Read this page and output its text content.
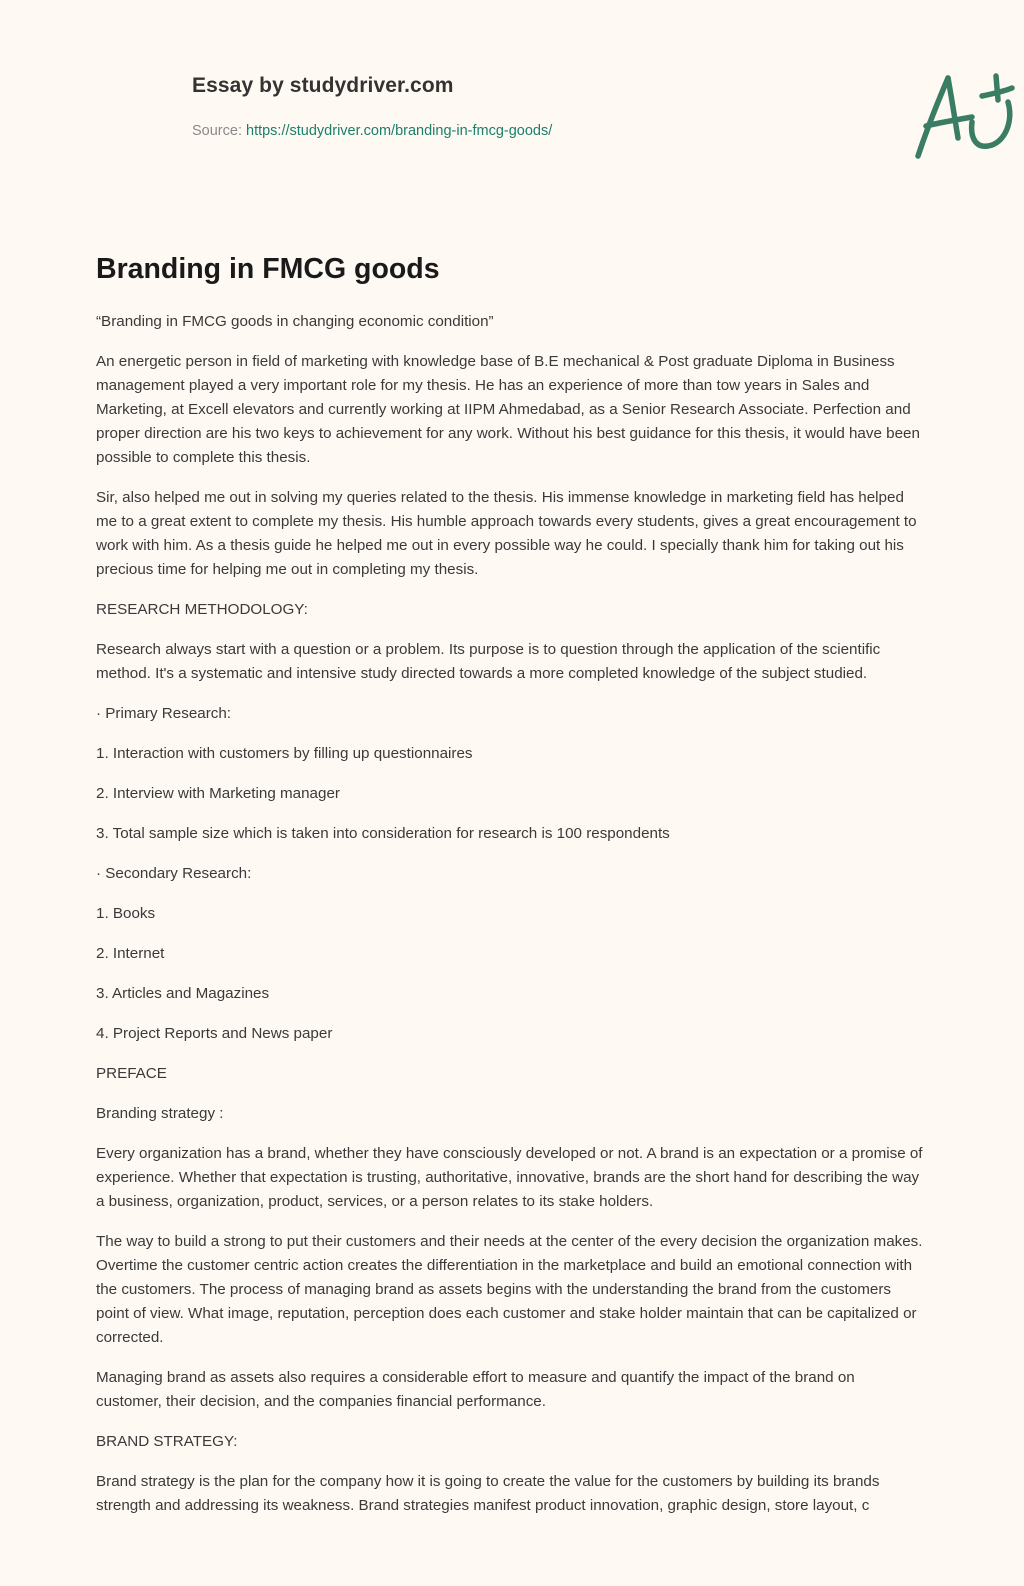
Essay by studydriver.com

Source: https://studydriver.com/branding-in-fmcg-goods/

Branding in FMCG goods

“Branding in FMCG goods in changing economic condition”

An energetic person in field of marketing with knowledge base of B.E mechanical & Post graduate Diploma in Business management played a very important role for my thesis. He has an experience of more than tow years in Sales and Marketing, at Excell elevators and currently working at IIPM Ahmedabad, as a Senior Research Associate. Perfection and proper direction are his two keys to achievement for any work. Without his best guidance for this thesis, it would have been possible to complete this thesis.

Sir, also helped me out in solving my queries related to the thesis. His immense knowledge in marketing field has helped me to a great extent to complete my thesis. His humble approach towards every students, gives a great encouragement to work with him. As a thesis guide he helped me out in every possible way he could. I specially thank him for taking out his precious time for helping me out in completing my thesis.

RESEARCH METHODOLOGY:

Research always start with a question or a problem. Its purpose is to question through the application of the scientific method. It's a systematic and intensive study directed towards a more completed knowledge of the subject studied.

· Primary Research:

1. Interaction with customers by filling up questionnaires

2. Interview with Marketing manager

3. Total sample size which is taken into consideration for research is 100 respondents

· Secondary Research:

1. Books

2. Internet

3. Articles and Magazines

4. Project Reports and News paper

PREFACE

Branding strategy :

Every organization has a brand, whether they have consciously developed or not. A brand is an expectation or a promise of experience. Whether that expectation is trusting, authoritative, innovative, brands are the short hand for describing the way a business, organization, product, services, or a person relates to its stake holders.

The way to build a strong to put their customers and their needs at the center of the every decision the organization makes. Overtime the customer centric action creates the differentiation in the marketplace and build an emotional connection with the customers. The process of managing brand as assets begins with the understanding the brand from the customers point of view. What image, reputation, perception does each customer and stake holder maintain that can be capitalized or corrected.

Managing brand as assets also requires a considerable effort to measure and quantify the impact of the brand on customer, their decision, and the companies financial performance.

BRAND STRATEGY:

Brand strategy is the plan for the company how it is going to create the value for the customers by building its brands strength and addressing its weakness. Brand strategies manifest product innovation, graphic design, store layout, c
